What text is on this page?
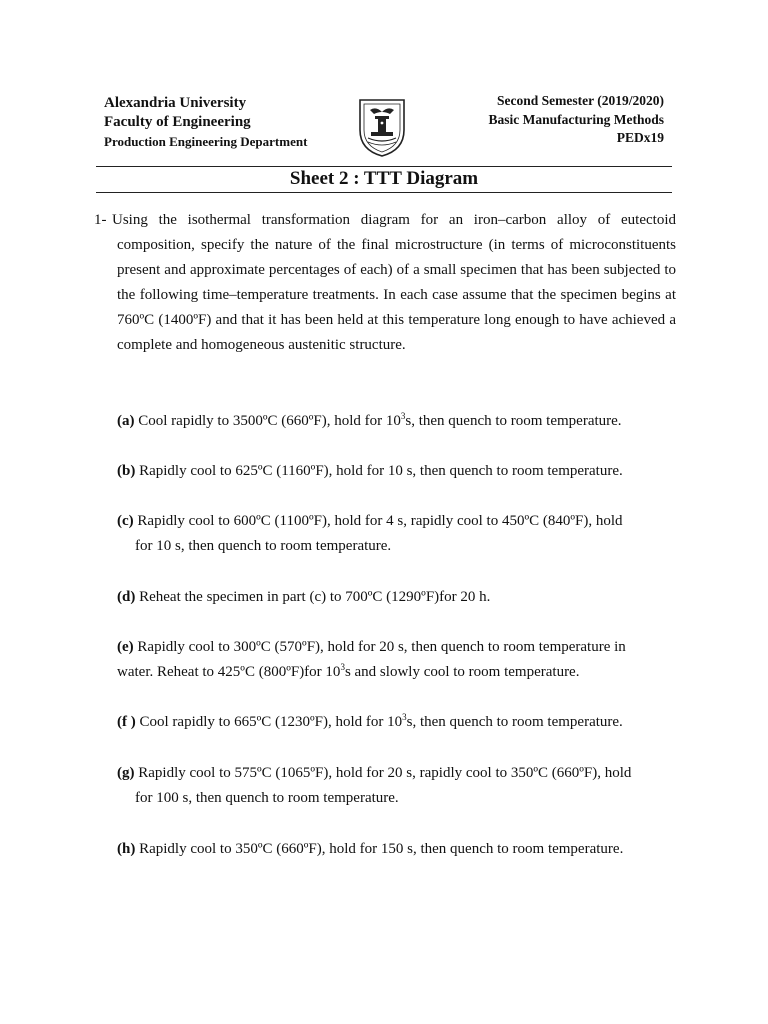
Alexandria University
Faculty of Engineering
Production Engineering Department
Second Semester (2019/2020)
Basic Manufacturing Methods
PEDx19
Sheet 2 : TTT Diagram
1- Using the isothermal transformation diagram for an iron–carbon alloy of eutectoid
composition, specify the nature of the final microstructure (in terms of microconstituents present and approximate percentages of each) of a small specimen that has been subjected to the following time–temperature treatments. In each case assume that the specimen begins at 760ºC (1400ºF) and that it has been held at this temperature long enough to have achieved a complete and homogeneous austenitic structure.
(a) Cool rapidly to 3500ºC (660ºF), hold for $10^3s$, then quench to room temperature.
(b) Rapidly cool to 625ºC (1160ºF), hold for 10 s, then quench to room temperature.
(c) Rapidly cool to 600ºC (1100ºF), hold for 4 s, rapidly cool to 450ºC (840ºF), hold
for 10 s, then quench to room temperature.
(d) Reheat the specimen in part (c) to 700ºC (1290ºF)for 20 h.
(e) Rapidly cool to 300ºC (570ºF), hold for 20 s, then quench to room temperature in
water. Reheat to 425ºC (800ºF)for $10^3s$ and slowly cool to room temperature.
(f ) Cool rapidly to 665ºC (1230ºF), hold for $10^3s$, then quench to room temperature.
(g) Rapidly cool to 575ºC (1065ºF), hold for 20 s, rapidly cool to 350ºC (660ºF), hold
for 100 s, then quench to room temperature.
(h) Rapidly cool to 350ºC (660ºF), hold for 150 s, then quench to room temperature.
